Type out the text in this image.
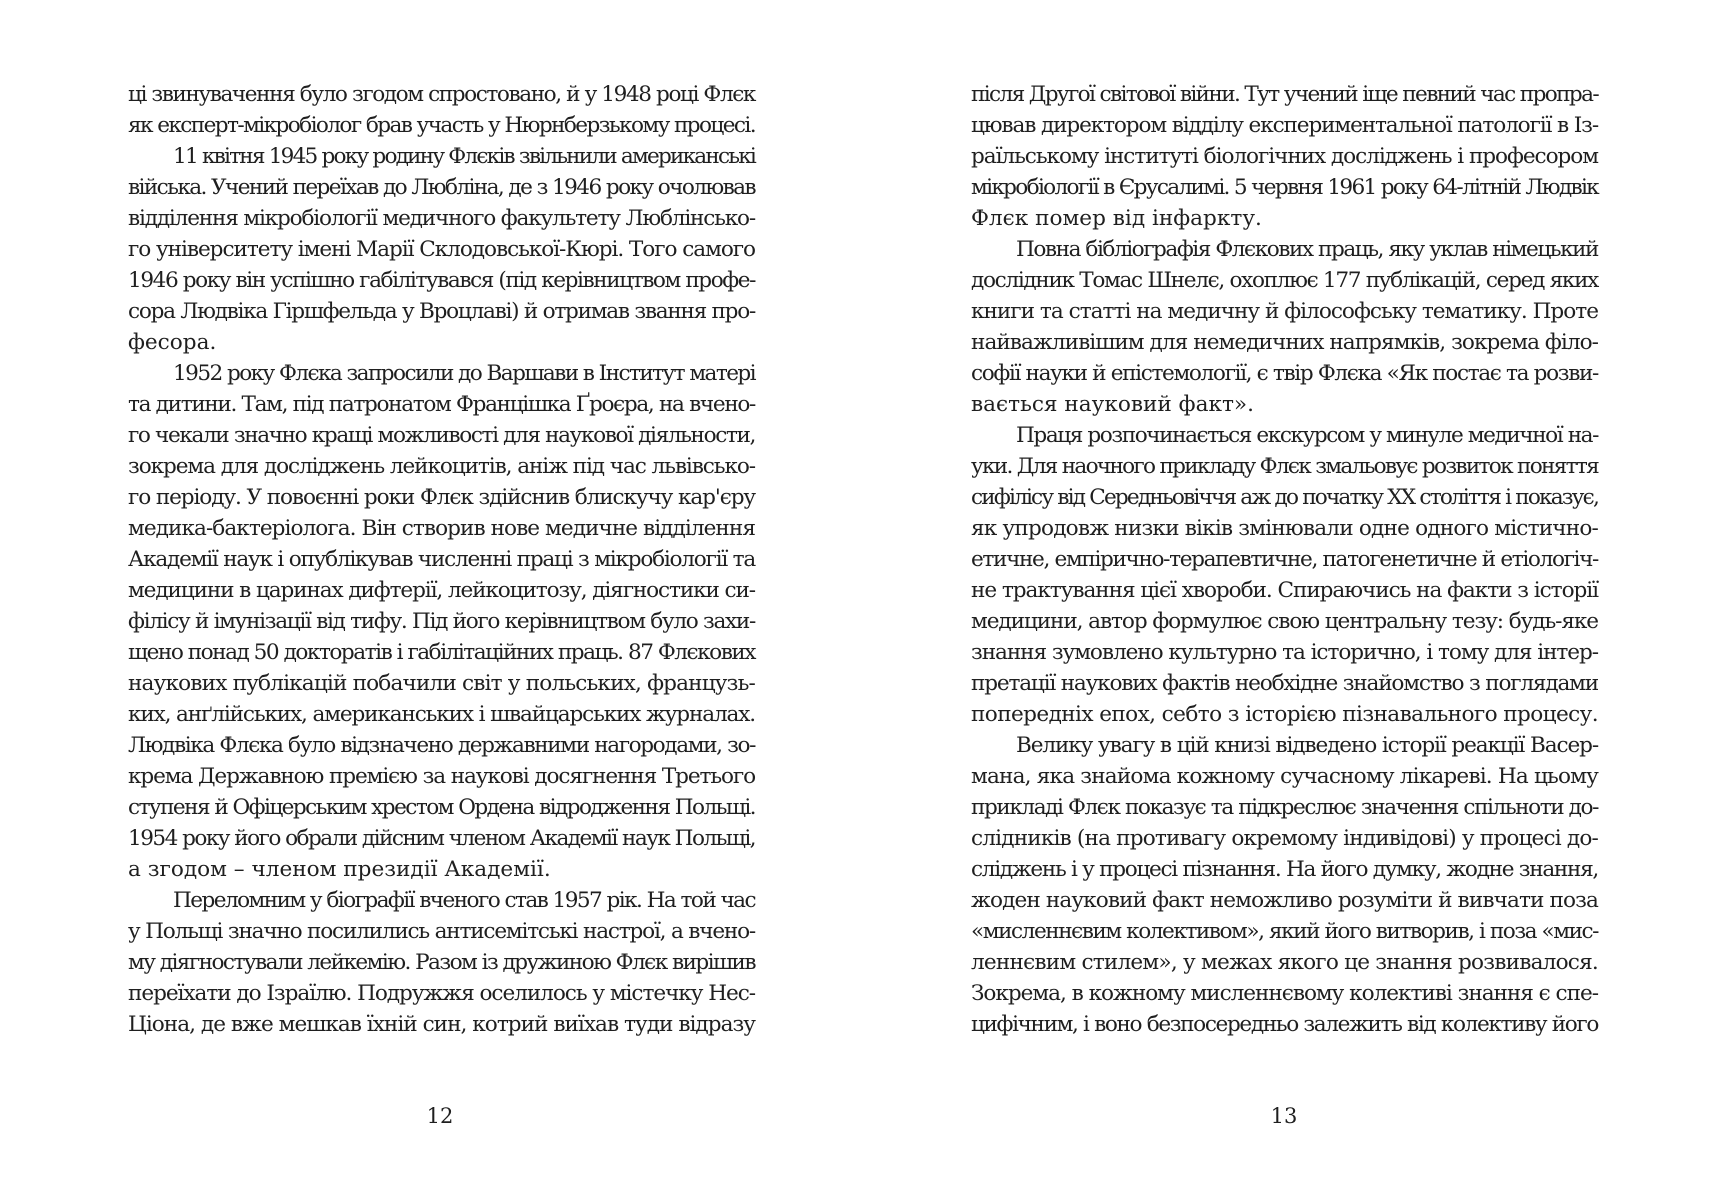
ці звинувачення було згодом спростовано, й у 1948 році Флєк
як експерт-мікробіолог брав участь у Нюрнберзькому процесі.
11 квітня 1945 року родину Флєків звільнили американські
війська. Учений переїхав до Любліна, де з 1946 року очолював
відділення мікробіології медичного факультету Люблінсько-
го університету імені Марії Склодовської-Кюрі. Того самого
1946 року він успішно габілітувався (під керівництвом профе-
сора Людвіка Гіршфельда у Вроцлаві) й отримав звання про-
фесора.
1952 року Флєка запросили до Варшави в Інститут матері
та дитини. Там, під патронатом Францішка Ґроєра, на вчено-
го чекали значно кращі можливості для наукової діяльности,
зокрема для досліджень лейкоцитів, аніж під час львівсько-
го періоду. У повоєнні роки Флєк здійснив блискучу кар'єру
медика-бактеріолога. Він створив нове медичне відділення
Академії наук і опублікував численні праці з мікробіології та
медицини в царинах дифтерії, лейкоцитозу, діягностики си-
філісу й імунізації від тифу. Під його керівництвом було захи-
щено понад 50 докторатів і габілітаційних праць. 87 Флєкових
наукових публікацій побачили світ у польських, французь-
ких, анґлійських, американських і швайцарських журналах.
Людвіка Флєка було відзначено державними нагородами, зо-
крема Державною премією за наукові досягнення Третього
ступеня й Офіцерським хрестом Ордена відродження Польщі.
1954 року його обрали дійсним членом Академії наук Польщі,
а згодом – членом президії Академії.
Переломним у біографії вченого став 1957 рік. На той час
у Польщі значно посилились антисемітські настрої, а вчено-
му діягностували лейкемію. Разом із дружиною Флєк вирішив
переїхати до Ізраїлю. Подружжя оселилось у містечку Нес-
Ціона, де вже мешкав їхній син, котрий виїхав туди відразу
після Другої світової війни. Тут учений іще певний час пропра-
цював директором відділу експериментальної патології в Із-
раїльському інституті біологічних досліджень і професором
мікробіології в Єрусалимі. 5 червня 1961 року 64-літній Людвік
Флєк помер від інфаркту.
Повна бібліографія Флєкових праць, яку уклав німецький
дослідник Томас Шнелє, охоплює 177 публікацій, серед яких
книги та статті на медичну й філософську тематику. Проте
найважливішим для немедичних напрямків, зокрема філо-
софії науки й епістемології, є твір Флєка «Як постає та розви-
вається науковий факт».
Праця розпочинається екскурсом у минуле медичної на-
уки. Для наочного прикладу Флєк змальовує розвиток поняття
сифілісу від Середньовіччя аж до початку XX століття і показує,
як упродовж низки віків змінювали одне одного містично-
етичне, емпірично-терапевтичне, патогенетичне й етіологіч-
не трактування цієї хвороби. Спираючись на факти з історії
медицини, автор формулює свою центральну тезу: будь-яке
знання зумовлено культурно та історично, і тому для інтер-
претації наукових фактів необхідне знайомство з поглядами
попередніх епох, себто з історією пізнавального процесу.
Велику увагу в цій книзі відведено історії реакції Васер-
мана, яка знайома кожному сучасному лікареві. На цьому
прикладі Флєк показує та підкреслює значення спільноти до-
слідників (на противагу окремому індивідові) у процесі до-
сліджень і у процесі пізнання. На його думку, жодне знання,
жоден науковий факт неможливо розуміти й вивчати поза
«мисленнєвим колективом», який його витворив, і поза «мис-
леннєвим стилем», у межах якого це знання розвивалося.
Зокрема, в кожному мисленнєвому колективі знання є спе-
цифічним, і воно безпосередньо залежить від колективу його
12	13
